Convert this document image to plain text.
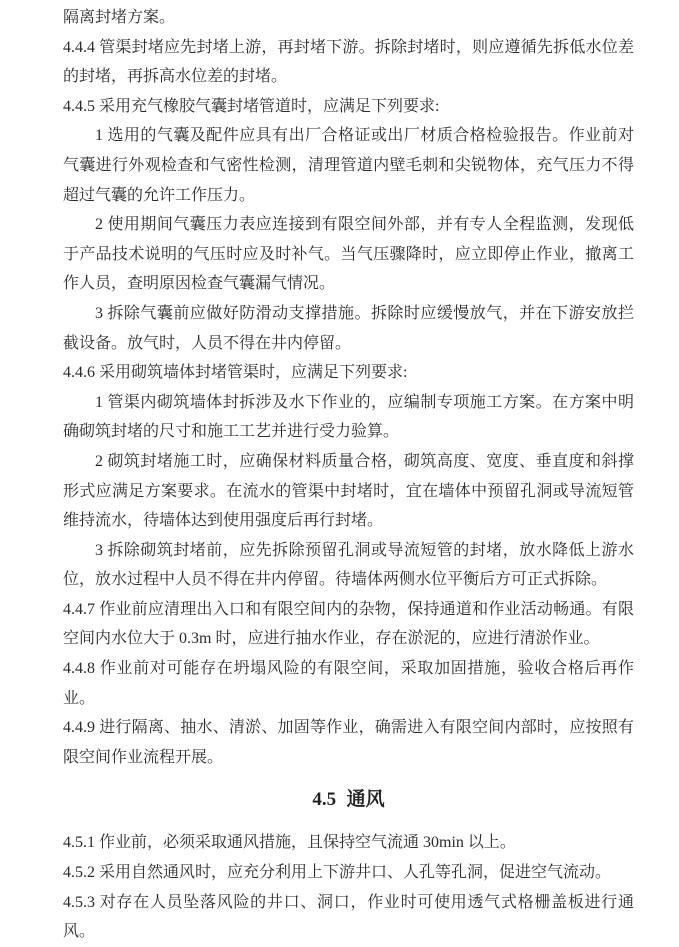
隔离封堵方案。

4.4.4 管渠封堵应先封堵上游，再封堵下游。拆除封堵时，则应遵循先拆低水位差的封堵，再拆高水位差的封堵。

4.4.5 采用充气橡胶气囊封堵管道时，应满足下列要求:

1 选用的气囊及配件应具有出厂合格证或出厂材质合格检验报告。作业前对气囊进行外观检查和气密性检测，清理管道内壁毛刺和尖锐物体，充气压力不得超过气囊的允许工作压力。

2 使用期间气囊压力表应连接到有限空间外部，并有专人全程监测，发现低于产品技术说明的气压时应及时补气。当气压骤降时，应立即停止作业，撤离工作人员，查明原因检查气囊漏气情况。

3 拆除气囊前应做好防滑动支撑措施。拆除时应缓慢放气，并在下游安放拦截设备。放气时，人员不得在井内停留。

4.4.6 采用砌筑墙体封堵管渠时，应满足下列要求:

1 管渠内砌筑墙体封拆涉及水下作业的，应编制专项施工方案。在方案中明确砌筑封堵的尺寸和施工工艺并进行受力验算。

2 砌筑封堵施工时，应确保材料质量合格，砌筑高度、宽度、垂直度和斜撑形式应满足方案要求。在流水的管渠中封堵时，宜在墙体中预留孔洞或导流短管维持流水，待墙体达到使用强度后再行封堵。

3 拆除砌筑封堵前，应先拆除预留孔洞或导流短管的封堵，放水降低上游水位，放水过程中人员不得在井内停留。待墙体两侧水位平衡后方可正式拆除。

4.4.7 作业前应清理出入口和有限空间内的杂物，保持通道和作业活动畅通。有限空间内水位大于 0.3m 时，应进行抽水作业，存在淤泥的，应进行清淤作业。

4.4.8 作业前对可能存在坍塌风险的有限空间，采取加固措施，验收合格后再作业。

4.4.9 进行隔离、抽水、清淤、加固等作业，确需进入有限空间内部时，应按照有限空间作业流程开展。

4.5 通风

4.5.1 作业前，必须采取通风措施，且保持空气流通 30min 以上。

4.5.2 采用自然通风时，应充分利用上下游井口、人孔等孔洞，促进空气流动。

4.5.3 对存在人员坠落风险的井口、洞口，作业时可使用透气式格栅盖板进行通风。
